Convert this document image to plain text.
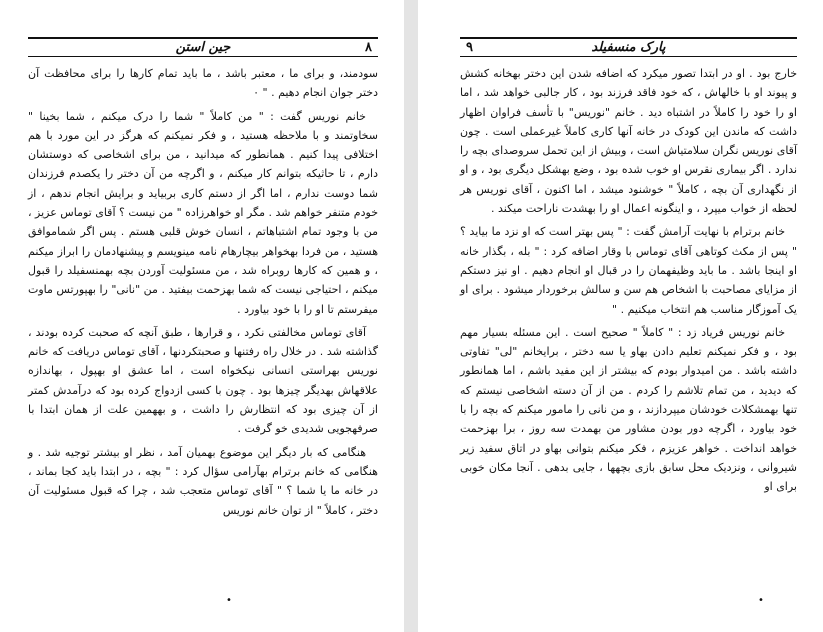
۸
جین استن

سودمند، و برای ما ، معتبر باشد ، ما باید تمام کارها را برای محافظت آن دختر جوان انجام دهیم . " ۰

خانم نوریس گفت : " من کاملاً " شما را درک میکنم ، شما بخینا " سخاوتمند و با ملاحظه هستید ، و فکر نمیکنم که هرگز در این مورد با هم اختلافی پیدا کنیم . همانطور که میدانید ، من برای اشخاصی که دوستشان دارم ، تا حاثیکه بتوانم کار میکنم ، و اگرچه من آن دختر را یکصدم فرزندان شما دوست ندارم ، اما اگر از دستم کاری بربیاید و برایش انجام ندهم ، از خودم متنفر خواهم شد . مگر او خواهرزاده " من نیست ؟ آقای توماس عزیز ، من با وجود تمام اشتباهاتم ، انسان خوش قلبی هستم . پس اگر شماموافق هستید ، من فردا بهخواهر بیچارهام نامه مینویسم و پیشنهادمان را ابراز میکنم ، و همین که کارها روبراه شد ، من مسئولیت آوردن بچه بهمنسفیلد را قبول میکنم ، احتیاجی نیست که شما بهزحمت بیفتید . من "نانی" را بهپورتس ماوت میفرستم تا او را با خود بیاورد .

آقای توماس مخالفتی نکرد ، و قرارها ، طبق آنچه که صحبت کرده بودند ، گذاشته شد . در خلال راه رفتنها و صحبتکردنها ، آقای توماس دریافت که خانم نوریس بهراستی انسانی نیکخواه است ، اما عشق او بهپول ، بهاندازه علاقهاش بهدیگر چیزها بود . چون با کسی ازدواج کرده بود که درآمدش کمتر از آن چیزی بود که انتظارش را داشت ، و بههمین علت از همان ابتدا با صرفهجویی شدیدی خو گرفت .

هنگامی که بار دیگر این موضوع بهمیان آمد ، نظر او بیشتر توجیه شد . و هنگامی که خانم برترام بهآرامی سؤال کرد : " بچه ، در ابتدا باید کجا بماند ، در خانه ما یا شما ؟ " آقای توماس متعجب شد ، چرا که قبول مسئولیت آن دختر ، کاملاً " از توان خانم نوریس

•
پارک منسفیلد
۹

خارج بود . او در ابتدا تصور میکرد که اضافه شدن این دختر بهخانه کشش و پیوند او با خالهاش ، که خود فاقد فرزند بود ، کار جالبی خواهد شد ، اما او را خود را کاملاً در اشتباه دید . خانم "نوریس" با تأسف فراوان اظهار داشت که ماندن این کودک در خانه آنها کاری کاملاً غیرعملی است . چون آقای نوریس نگران سلامتیاش است ، وبیش از این تحمل سروصدای بچه را ندارد . اگر بیماری نقرس او خوب شده بود ، وضع بهشکل دیگری بود ، و او از نگهداری آن بچه ، کاملاً " خوشنود میشد ، اما اکنون ، آقای نوریس هر لحظه از خواب میپرد ، و اینگونه اعمال او را بهشدت ناراحت میکند .

خانم برترام با نهایت آرامش گفت : " پس بهتر است که او نزد ما بیاید ؟ " پس از مکث کوتاهی آقای توماس با وقار اضافه کرد : " بله ، بگذار خانه او اینجا باشد . ما باید وظیفهمان را در قبال او انجام دهیم . او نیز دستکم از مزایای مصاحبت با اشخاص هم سن و سالش برخوردار میشود . برای او یک آموزگار مناسب هم انتخاب میکنیم . "

خانم نوریس فریاد زد : " کاملاً " صحیح است . این مسئله بسیار مهم بود ، و فکر نمیکنم تعلیم دادن بهاو یا سه دختر ، برایخانم "لی" تفاوتی داشته باشد . من امیدوار بودم که بیشتر از این مفید باشم ، اما همانطور که دیدید ، من تمام تلاشم را کردم . من از آن دسته اشخاصی نیستم که تنها بهمشکلات خودشان میپردازند ، و من نانی را مامور میکنم که بچه را با خود بیاورد ، اگرچه دور بودن مشاور من بهمدت سه روز ، برا بهزحمت خواهد انداخت . خواهر عزیزم ، فکر میکنم بتوانی بهاو در اتاق سفید زیر شیروانی ، ونزدیک محل سابق بازی بچهها ، جایی بدهی . آنجا مکان خوبی برای او

•
